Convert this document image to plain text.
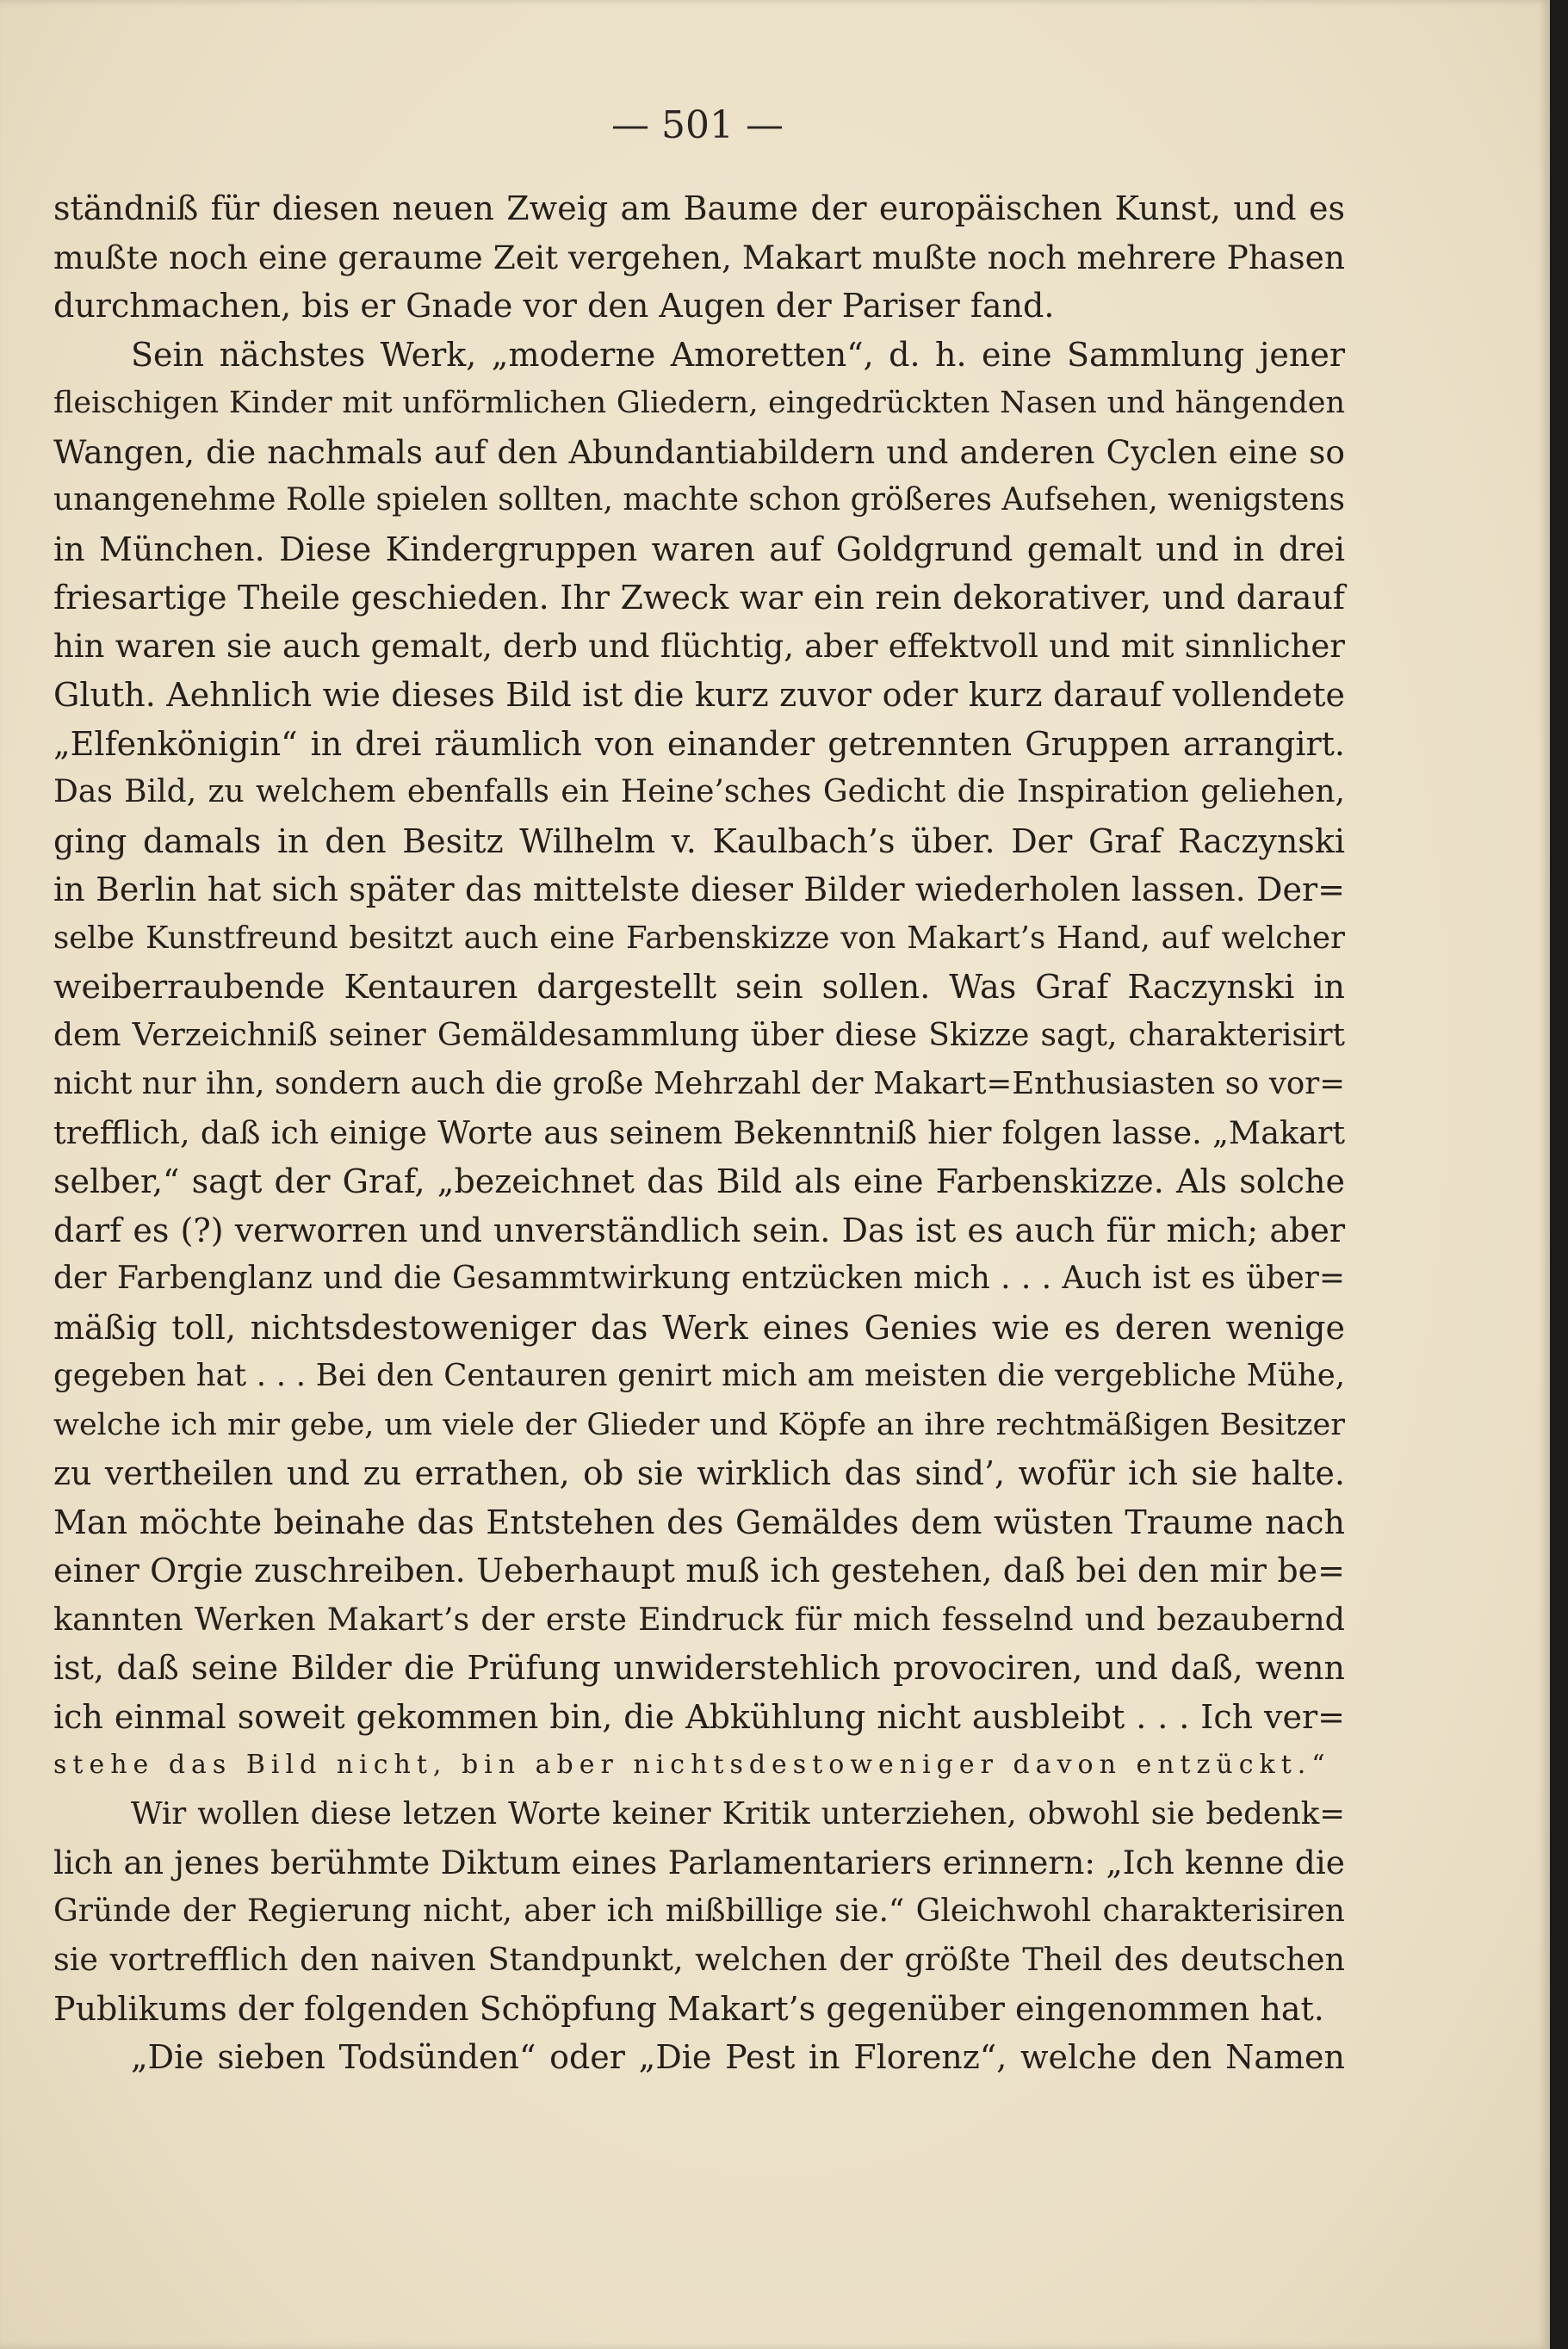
— 501 —
ständniß für diesen neuen Zweig am Baume der europäischen Kunst, und es
mußte noch eine geraume Zeit vergehen, Makart mußte noch mehrere Phasen
durchmachen, bis er Gnade vor den Augen der Pariser fand.
Sein nächstes Werk, „moderne Amoretten“, d. h. eine Sammlung jener
fleischigen Kinder mit unförmlichen Gliedern, eingedrückten Nasen und hängenden
Wangen, die nachmals auf den Abundantiabildern und anderen Cyclen eine so
unangenehme Rolle spielen sollten, machte schon größeres Aufsehen, wenigstens
in München. Diese Kindergruppen waren auf Goldgrund gemalt und in drei
friesartige Theile geschieden. Ihr Zweck war ein rein dekorativer, und darauf
hin waren sie auch gemalt, derb und flüchtig, aber effektvoll und mit sinnlicher
Gluth. Aehnlich wie dieses Bild ist die kurz zuvor oder kurz darauf vollendete
„Elfenkönigin“ in drei räumlich von einander getrennten Gruppen arrangirt.
Das Bild, zu welchem ebenfalls ein Heine’sches Gedicht die Inspiration geliehen,
ging damals in den Besitz Wilhelm v. Kaulbach’s über. Der Graf Raczynski
in Berlin hat sich später das mittelste dieser Bilder wiederholen lassen. Der=
selbe Kunstfreund besitzt auch eine Farbenskizze von Makart’s Hand, auf welcher
weiberraubende Kentauren dargestellt sein sollen. Was Graf Raczynski in
dem Verzeichniß seiner Gemäldesammlung über diese Skizze sagt, charakterisirt
nicht nur ihn, sondern auch die große Mehrzahl der Makart=Enthusiasten so vor=
trefflich, daß ich einige Worte aus seinem Bekenntniß hier folgen lasse. „Makart
selber,“ sagt der Graf, „bezeichnet das Bild als eine Farbenskizze. Als solche
darf es (?) verworren und unverständlich sein. Das ist es auch für mich; aber
der Farbenglanz und die Gesammtwirkung entzücken mich . . . Auch ist es über=
mäßig toll, nichtsdestoweniger das Werk eines Genies wie es deren wenige
gegeben hat . . . Bei den Centauren genirt mich am meisten die vergebliche Mühe,
welche ich mir gebe, um viele der Glieder und Köpfe an ihre rechtmäßigen Besitzer
zu vertheilen und zu errathen, ob sie wirklich das sind’, wofür ich sie halte.
Man möchte beinahe das Entstehen des Gemäldes dem wüsten Traume nach
einer Orgie zuschreiben. Ueberhaupt muß ich gestehen, daß bei den mir be=
kannten Werken Makart’s der erste Eindruck für mich fesselnd und bezaubernd
ist, daß seine Bilder die Prüfung unwiderstehlich provociren, und daß, wenn
ich einmal soweit gekommen bin, die Abkühlung nicht ausbleibt . . . Ich ver=
stehe das Bild nicht, bin aber nichtsdestoweniger davon entzückt.“
Wir wollen diese letzen Worte keiner Kritik unterziehen, obwohl sie bedenk=
lich an jenes berühmte Diktum eines Parlamentariers erinnern: „Ich kenne die
Gründe der Regierung nicht, aber ich mißbillige sie.“ Gleichwohl charakterisiren
sie vortrefflich den naiven Standpunkt, welchen der größte Theil des deutschen
Publikums der folgenden Schöpfung Makart’s gegenüber eingenommen hat.
„Die sieben Todsünden“ oder „Die Pest in Florenz“, welche den Namen
